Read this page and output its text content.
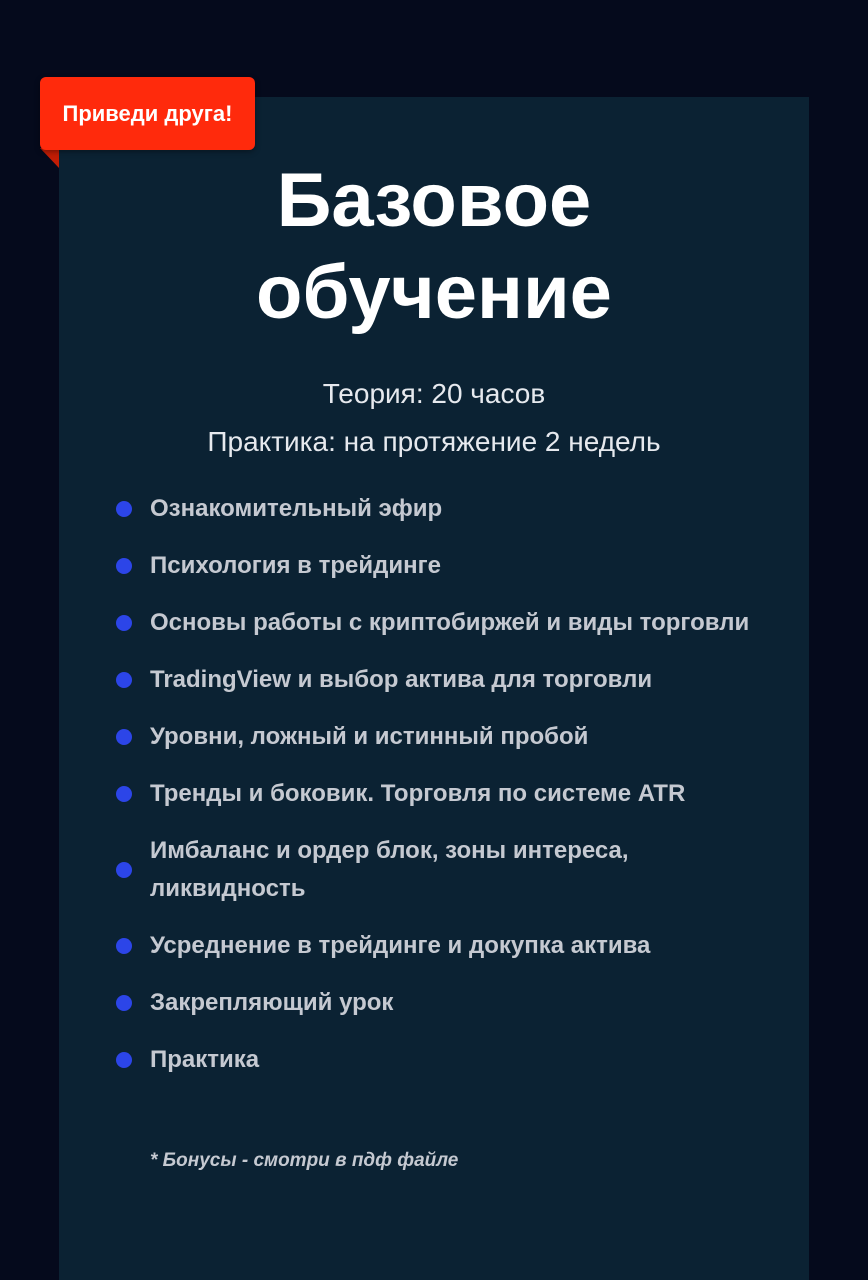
Приведи друга!
Базовое
обучение
Теория: 20 часов
Практика: на протяжение 2 недель
Ознакомительный эфир
Психология в трейдинге
Основы работы с криптобиржей и виды торговли
TradingView и выбор актива для торговли
Уровни, ложный и истинный пробой
Тренды и боковик. Торговля по системе ATR
Имбаланс и ордер блок, зоны интереса, ликвидность
Усреднение в трейдинге и докупка актива
Закрепляющий урок
Практика
* Бонусы - смотри в пдф файле
